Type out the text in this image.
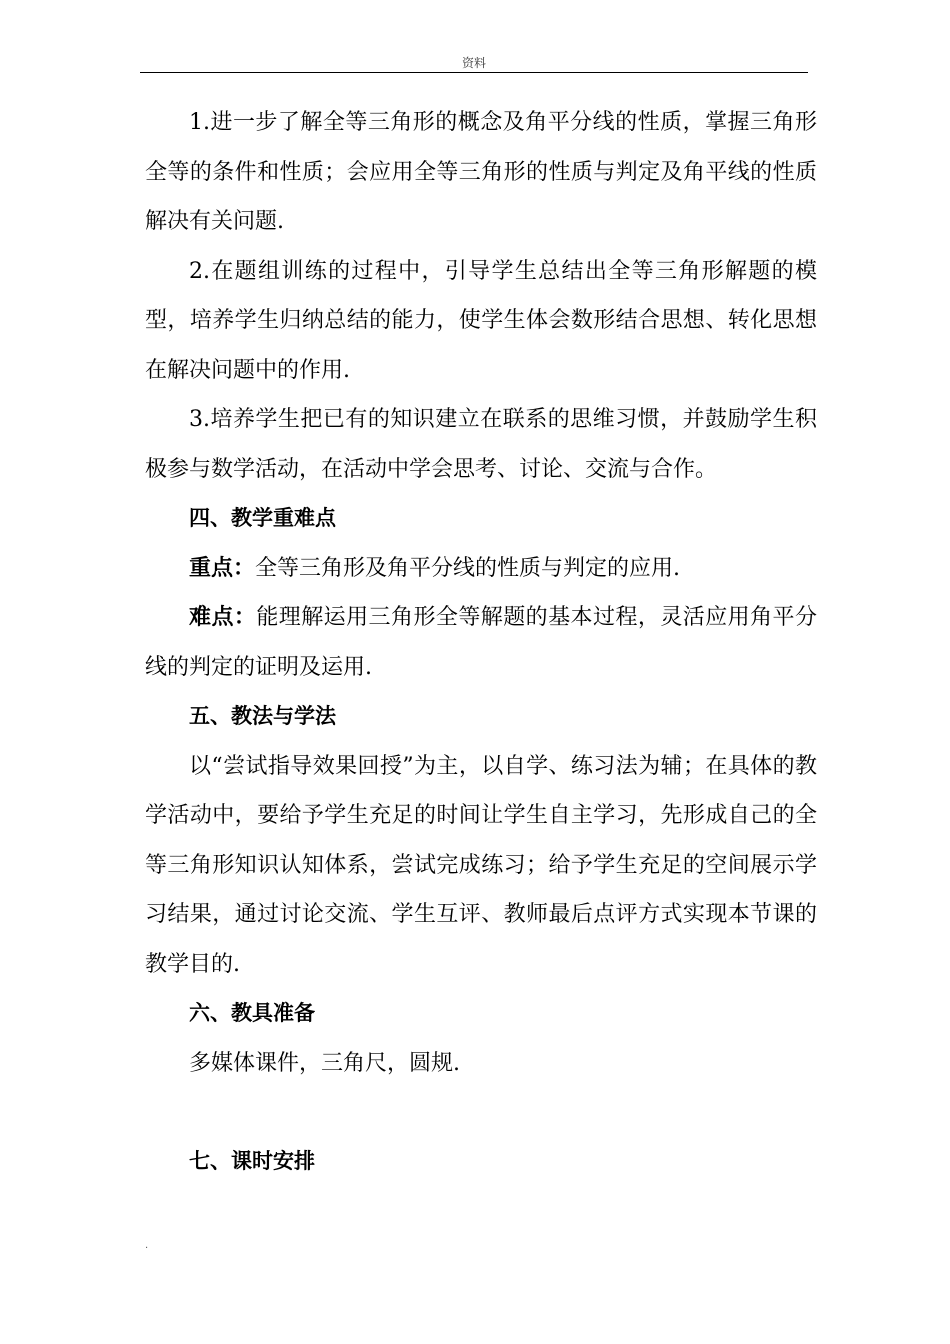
资料

1.进一步了解全等三角形的概念及角平分线的性质，掌握三角形全等的条件和性质；会应用全等三角形的性质与判定及角平线的性质解决有关问题.

2.在题组训练的过程中，引导学生总结出全等三角形解题的模型，培养学生归纳总结的能力，使学生体会数形结合思想、转化思想在解决问题中的作用.

3.培养学生把已有的知识建立在联系的思维习惯，并鼓励学生积极参与数学活动，在活动中学会思考、讨论、交流与合作。

四、教学重难点

重点：全等三角形及角平分线的性质与判定的应用.

难点：能理解运用三角形全等解题的基本过程，灵活应用角平分线的判定的证明及运用.

五、教法与学法

以“尝试指导效果回授”为主，以自学、练习法为辅；在具体的教学活动中，要给予学生充足的时间让学生自主学习，先形成自己的全等三角形知识认知体系，尝试完成练习；给予学生充足的空间展示学习结果，通过讨论交流、学生互评、教师最后点评方式实现本节课的教学目的.

六、教具准备

多媒体课件，三角尺，圆规.

七、课时安排

.
